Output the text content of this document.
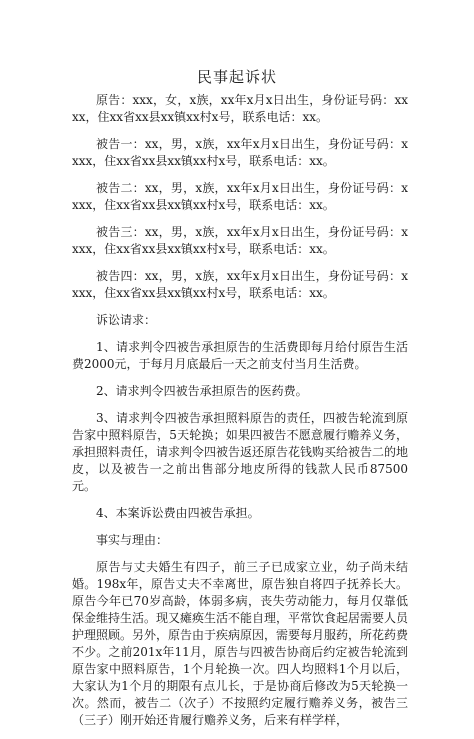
民事起诉状

原告：xxx，女，x族，xx年x月x日出生，身份证号码：xxxx，住xx省xx县xx镇xx村x号，联系电话：xx。

被告一：xx，男，x族，xx年x月x日出生，身份证号码：xxxx，住xx省xx县xx镇xx村x号，联系电话：xx。

被告二：xx，男，x族，xx年x月x日出生，身份证号码：xxxx，住xx省xx县xx镇xx村x号，联系电话：xx。

被告三：xx，男，x族，xx年x月x日出生，身份证号码：xxxx，住xx省xx县xx镇xx村x号，联系电话：xx。

被告四：xx，男，x族，xx年x月x日出生，身份证号码：xxxx，住xx省xx县xx镇xx村x号，联系电话：xx。

诉讼请求：

1、请求判令四被告承担原告的生活费即每月给付原告生活费2000元，于每月月底最后一天之前支付当月生活费。

2、请求判令四被告承担原告的医药费。

3、请求判令四被告承担照料原告的责任，四被告轮流到原告家中照料原告，5天轮换；如果四被告不愿意履行赡养义务，承担照料责任，请求判令四被告返还原告花钱购买给被告二的地皮，以及被告一之前出售部分地皮所得的钱款人民币87500元。

4、本案诉讼费由四被告承担。

事实与理由：

原告与丈夫婚生有四子，前三子已成家立业，幼子尚未结婚。198x年，原告丈夫不幸离世，原告独自将四子抚养长大。原告今年已70岁高龄，体弱多病，丧失劳动能力，每月仅靠低保金维持生活。现又瘫痪生活不能自理，平常饮食起居需要人员护理照顾。另外，原告由于疾病原因，需要每月服药，所花药费不少。之前201x年11月，原告与四被告协商后约定被告轮流到原告家中照料原告，1个月轮换一次。四人均照料1个月以后，大家认为1个月的期限有点儿长，于是协商后修改为5天轮换一次。然而，被告二（次子）不按照约定履行赡养义务，被告三（三子）刚开始还肯履行赡养义务，后来有样学样，
